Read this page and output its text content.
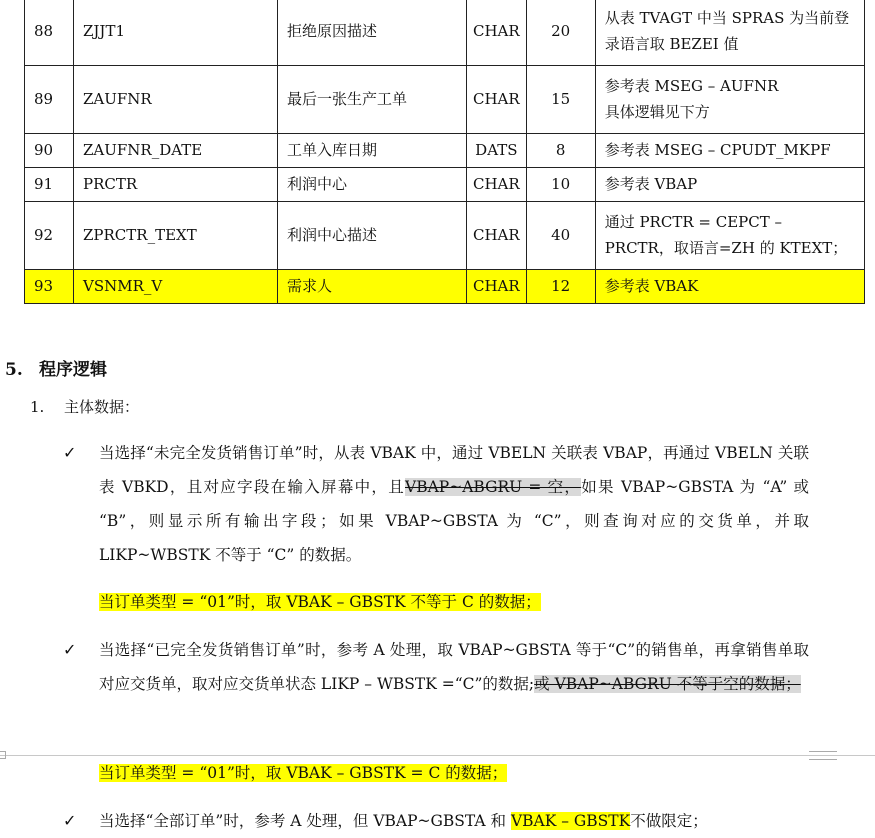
88	ZJJT1	拒绝原因描述	CHAR	20	从表 TVAGT 中当 SPRAS 为当前登录语言取 BEZEI 值
89	ZAUFNR	最后一张生产工单	CHAR	15	参考表 MSEG – AUFNR
具体逻辑见下方

90	ZAUFNR_DATE	工单入库日期	DATS	8	参考表 MSEG – CPUDT_MKPF
91	PRCTR	利润中心	CHAR	10	参考表 VBAP
92	ZPRCTR_TEXT	利润中心描述	CHAR	40	通过 PRCTR = CEPCT – PRCTR，取语言=ZH 的 KTEXT；
93	VSNMR_V	需求人	CHAR	12	参考表 VBAK
5. 程序逻辑
1. 主体数据：
✓ 当选择“未完全发货销售订单”时，从表 VBAK 中，通过 VBELN 关联表 VBAP，再通过 VBELN 关联表 VBKD，且对应字段在输入屏幕中，且VBAP~ABGRU = 空，如果 VBAP~GBSTA 为 “A” 或 “B”，则显示所有输出字段；如果 VBAP~GBSTA 为 “C”，则查询对应的交货单，并取 LIKP~WBSTK 不等于 “C” 的数据。
当订单类型 = “01”时，取 VBAK – GBSTK 不等于 C 的数据；
✓ 当选择“已完全发货销售订单”时，参考 A 处理，取 VBAP~GBSTA 等于“C”的销售单，再拿销售单取对应交货单，取对应交货单状态 LIKP – WBSTK =“C”的数据;或 VBAP~ABGRU 不等于空的数据；
当订单类型 = “01”时，取 VBAK – GBSTK = C 的数据；
✓ 当选择“全部订单”时，参考 A 处理，但 VBAP~GBSTA 和 VBAK – GBSTK不做限定；
